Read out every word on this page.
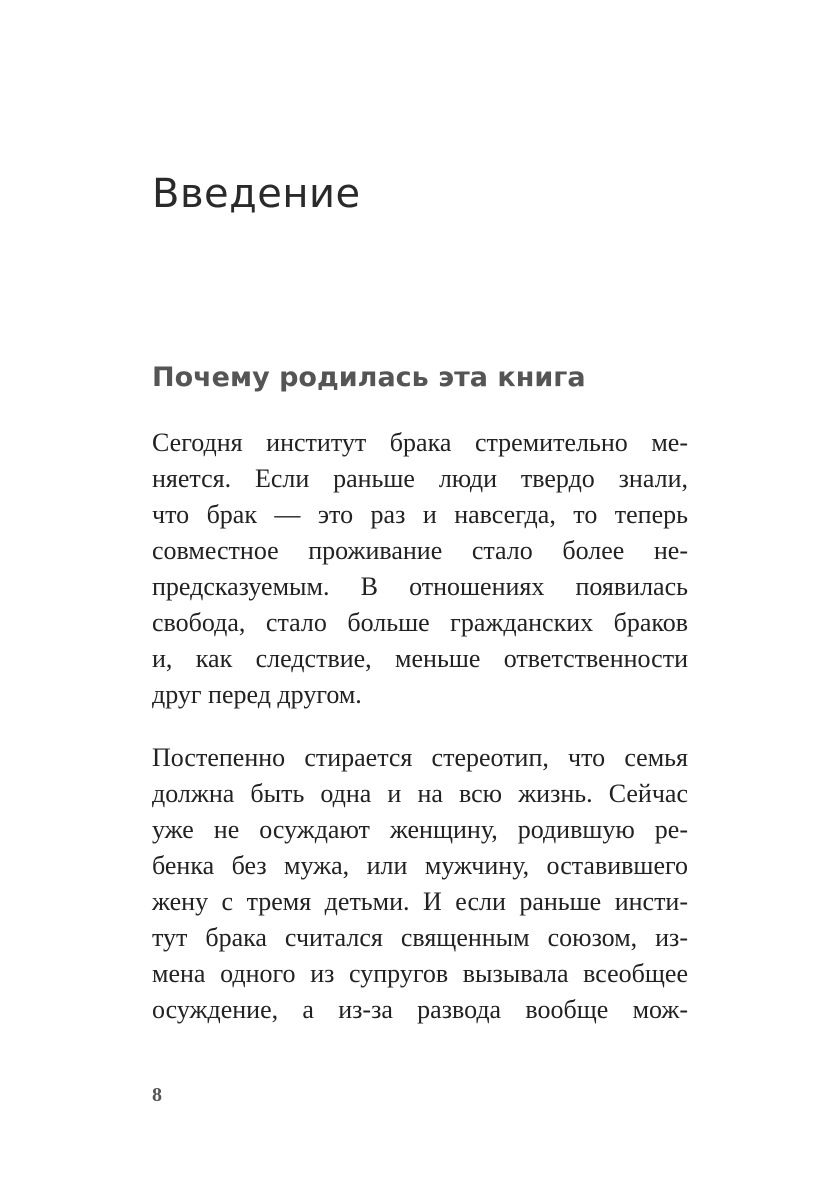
Введение
Почему родилась эта книга

Сегодня институт брака стремительно ме-
няется. Если раньше люди твердо знали,
что брак — это раз и навсегда, то теперь
совместное проживание стало более не-
предсказуемым. В отношениях появилась
свобода, стало больше гражданских браков
и, как следствие, меньше ответственности
друг перед другом.

Постепенно стирается стереотип, что семья
должна быть одна и на всю жизнь. Сейчас
уже не осуждают женщину, родившую ре-
бенка без мужа, или мужчину, оставившего
жену с тремя детьми. И если раньше инсти-
тут брака считался священным союзом, из-
мена одного из супругов вызывала всеобщее
осуждение, а из-за развода вообще мож-

8
